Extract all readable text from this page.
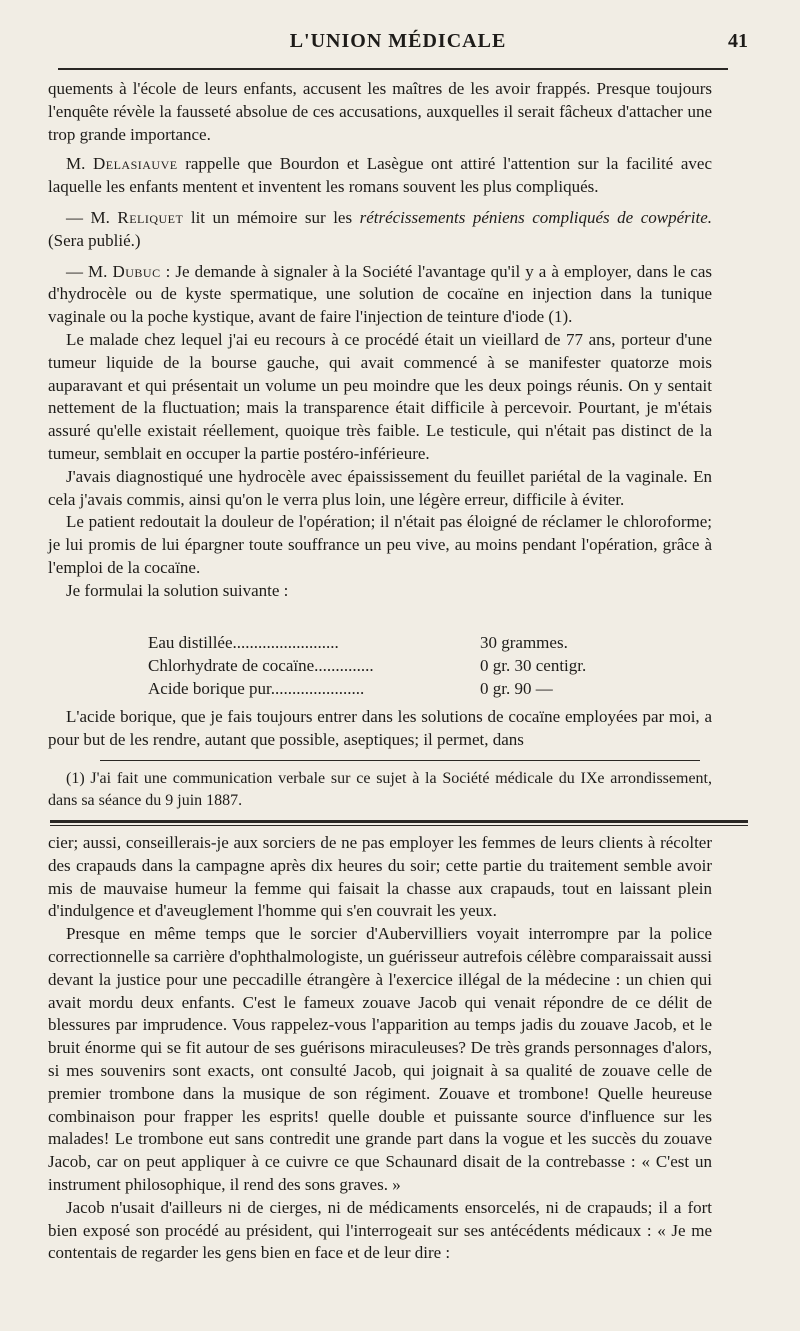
L'UNION MÉDICALE	41

quements à l'école de leurs enfants, accusent les maîtres de les avoir frappés. Presque toujours l'enquête révèle la fausseté absolue de ces accusations, auxquelles il serait fâcheux d'attacher une trop grande importance.

M. Delasiauve rappelle que Bourdon et Lasègue ont attiré l'attention sur la facilité avec laquelle les enfants mentent et inventent les romans souvent les plus compliqués.

— M. Reliquet lit un mémoire sur les rétrécissements péniens compliqués de cowpérite. (Sera publié.)

— M. Dubuc : Je demande à signaler à la Société l'avantage qu'il y a à employer, dans le cas d'hydrocèle ou de kyste spermatique, une solution de cocaïne en injection dans la tunique vaginale ou la poche kystique, avant de faire l'injection de teinture d'iode (1).

Le malade chez lequel j'ai eu recours à ce procédé était un vieillard de 77 ans, porteur d'une tumeur liquide de la bourse gauche, qui avait commencé à se manifester quatorze mois auparavant et qui présentait un volume un peu moindre que les deux poings réunis. On y sentait nettement de la fluctuation; mais la transparence était difficile à percevoir. Pourtant, je m'étais assuré qu'elle existait réellement, quoique très faible. Le testicule, qui n'était pas distinct de la tumeur, semblait en occuper la partie postéro-inférieure.

J'avais diagnostiqué une hydrocèle avec épaississement du feuillet pariétal de la vaginale. En cela j'avais commis, ainsi qu'on le verra plus loin, une légère erreur, difficile à éviter.

Le patient redoutait la douleur de l'opération; il n'était pas éloigné de réclamer le chloroforme; je lui promis de lui épargner toute souffrance un peu vive, au moins pendant l'opération, grâce à l'emploi de la cocaïne.

Je formulai la solution suivante :

Eau distillée.........................	30 grammes.
Chlorhydrate de cocaïne..............	0 gr. 30 centigr.
Acide borique pur......................	0 gr. 90 —

L'acide borique, que je fais toujours entrer dans les solutions de cocaïne employées par moi, a pour but de les rendre, autant que possible, aseptiques; il permet, dans

(1) J'ai fait une communication verbale sur ce sujet à la Société médicale du IXe arrondissement, dans sa séance du 9 juin 1887.

cier; aussi, conseillerais-je aux sorciers de ne pas employer les femmes de leurs clients à récolter des crapauds dans la campagne après dix heures du soir; cette partie du traitement semble avoir mis de mauvaise humeur la femme qui faisait la chasse aux crapauds, tout en laissant plein d'indulgence et d'aveuglement l'homme qui s'en couvrait les yeux.

Presque en même temps que le sorcier d'Aubervilliers voyait interrompre par la police correctionnelle sa carrière d'ophthalmologiste, un guérisseur autrefois célèbre comparaissait aussi devant la justice pour une peccadille étrangère à l'exercice illégal de la médecine : un chien qui avait mordu deux enfants. C'est le fameux zouave Jacob qui venait répondre de ce délit de blessures par imprudence. Vous rappelez-vous l'apparition au temps jadis du zouave Jacob, et le bruit énorme qui se fit autour de ses guérisons miraculeuses? De très grands personnages d'alors, si mes souvenirs sont exacts, ont consulté Jacob, qui joignait à sa qualité de zouave celle de premier trombone dans la musique de son régiment. Zouave et trombone! Quelle heureuse combinaison pour frapper les esprits! quelle double et puissante source d'influence sur les malades! Le trombone eut sans contredit une grande part dans la vogue et les succès du zouave Jacob, car on peut appliquer à ce cuivre ce que Schaunard disait de la contrebasse : « C'est un instrument philosophique, il rend des sons graves. »

Jacob n'usait d'ailleurs ni de cierges, ni de médicaments ensorcelés, ni de crapauds; il a fort bien exposé son procédé au président, qui l'interrogeait sur ses antécédents médicaux : « Je me contentais de regarder les gens bien en face et de leur dire :
